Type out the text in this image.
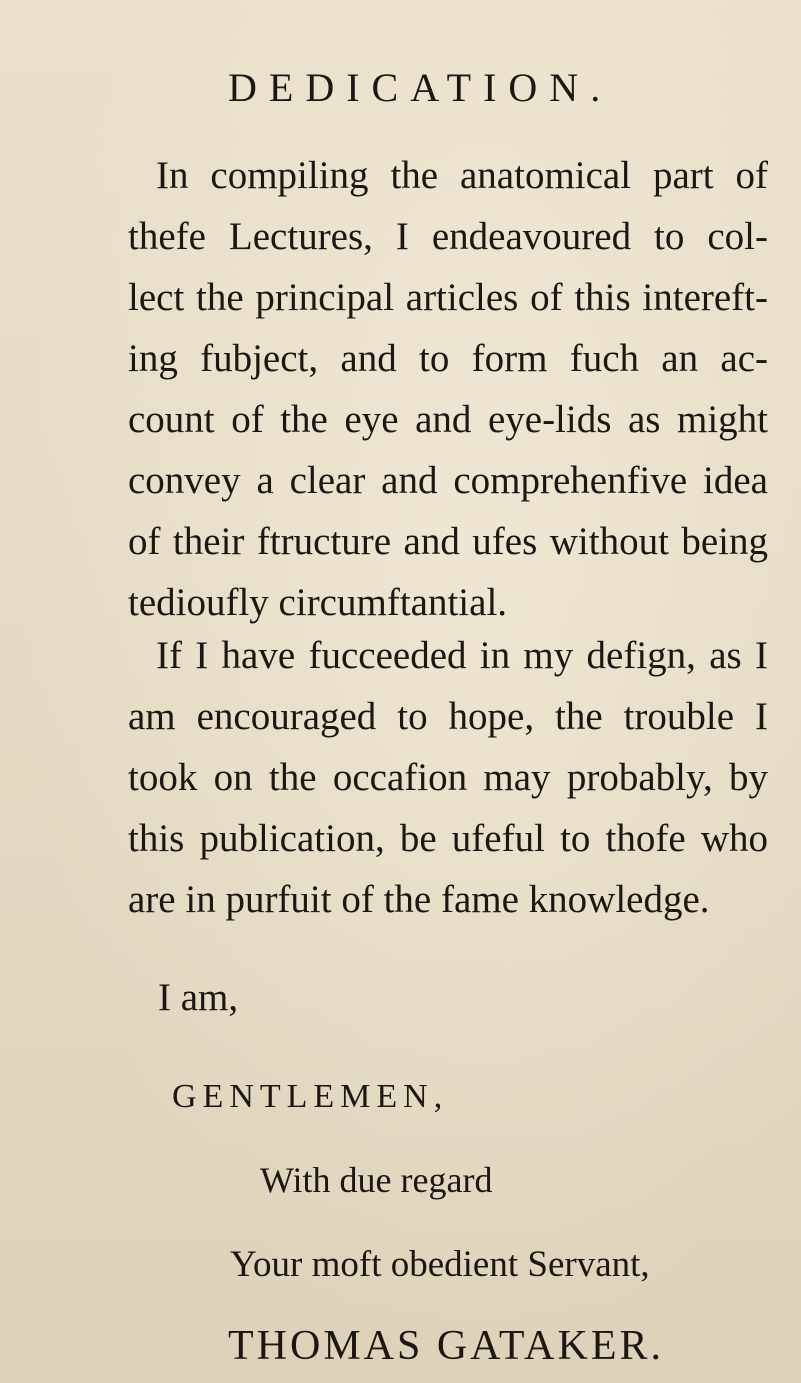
DEDICATION.

In compiling the anatomical part of
thefe Lectures, I endeavoured to col-
lect the principal articles of this intereft-
ing fubject, and to form fuch an ac-
count of the eye and eye-lids as might
convey a clear and comprehenfive idea
of their ftructure and ufes without being
tedioufly circumftantial.

If I have fucceeded in my defign, as I
am encouraged to hope, the trouble I
took on the occafion may probably, by
this publication, be ufeful to thofe who
are in purfuit of the fame knowledge.

I am,
GENTLEMEN,
With due regard
Your moft obedient Servant,
THOMAS GATAKER.
